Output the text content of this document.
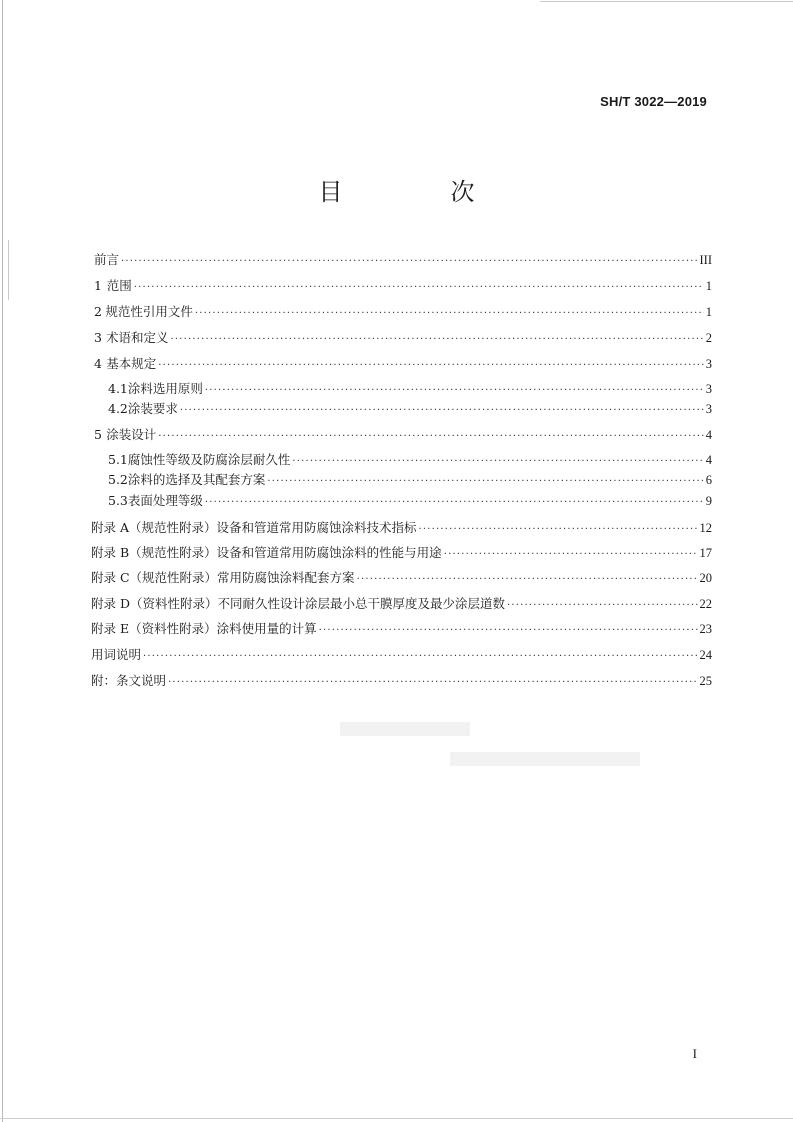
SH/T 3022—2019
目　次
前言 ·····	III
1 范围 ·····	1
2 规范性引用文件 ·····	1
3 术语和定义 ·····	2
4 基本规定 ·····	3
4.1 涂料选用原则 ·····	3
4.2 涂装要求 ·····	3
5 涂装设计 ·····	4
5.1 腐蚀性等级及防腐涂层耐久性 ·····	4
5.2 涂料的选择及其配套方案 ·····	6
5.3 表面处理等级 ·····	9
附录 A（规范性附录） 设备和管道常用防腐蚀涂料技术指标 ·····	12
附录 B（规范性附录） 设备和管道常用防腐蚀涂料的性能与用途 ·····	17
附录 C（规范性附录） 常用防腐蚀涂料配套方案 ·····	20
附录 D（资料性附录） 不同耐久性设计涂层最小总干膜厚度及最少涂层道数 ·····	22
附录 E（资料性附录） 涂料使用量的计算 ·····	23
用词说明 ·····	24
附：条文说明 ·····	25
I
